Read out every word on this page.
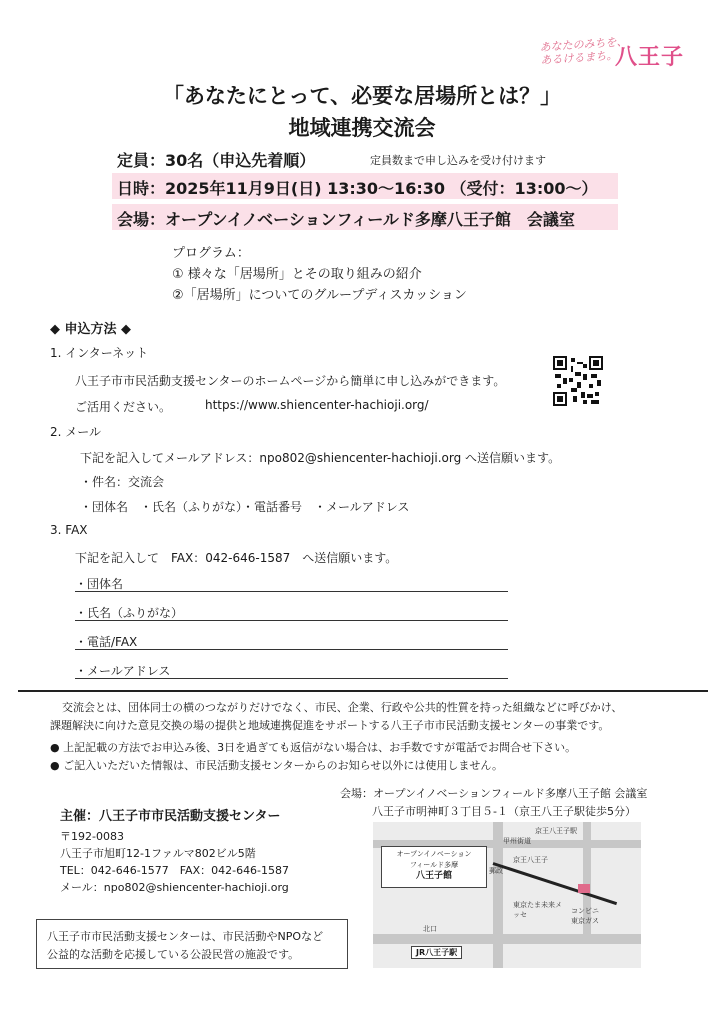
あなたのみちを、
あるけるまち。
八王子
「あなたにとって、必要な居場所とは？」
地域連携交流会
定員：30名（申込先着順）	定員数まで申し込みを受け付けます
日時：2025年11月9日(日) 13:30～16:30 （受付：13:00～）
会場：オープンイノベーションフィールド多摩八王子館　会議室
プログラム：
① 様々な「居場所」とその取り組みの紹介
②「居場所」についてのグループディスカッション
◆ 申込方法 ◆
1. インターネット
八王子市市民活動支援センターのホームページから簡単に申し込みができます。
ご活用ください。	https://www.shiencenter-hachioji.org/
2. メール
下記を記入してメールアドレス：npo802@shiencenter-hachioji.org へ送信願います。
・件名：交流会
・団体名　・氏名（ふりがな）・電話番号　・メールアドレス
3. FAX
下記を記入して　FAX：042-646-1587　へ送信願います。
・団体名
・氏名（ふりがな）
・電話/FAX
・メールアドレス
交流会とは、団体同士の横のつながりだけでなく、市民、企業、行政や公共的性質を持った組織などに呼びかけ、
課題解決に向けた意見交換の場の提供と地域連携促進をサポートする八王子市市民活動支援センターの事業です。
● 上記記載の方法でお申込み後、3日を過ぎても返信がない場合は、お手数ですが電話でお問合せ下さい。
● ご記入いただいた情報は、市民活動支援センターからのお知らせ以外には使用しません。
主催：八王子市市民活動支援センター
〒192-0083
八王子市旭町12-1ファルマ802ビル5階
TEL：042-646-1577　FAX：042-646-1587
メール：npo802@shiencenter-hachioji.org
八王子市市民活動支援センターは、市民活動やNPOなど
公益的な活動を応援している公設民営の施設です。
会場：オープンイノベーションフィールド多摩八王子館 会議室
八王子市明神町３丁目５-１（京王八王子駅徒歩5分）
オープンイノベーション
フィールド多摩
八王子館
京王八王子駅
甲州街道
京王八王子
郵政
東京たま未来メッセ	コンビニ
東京ガス
北口
JR八王子駅
